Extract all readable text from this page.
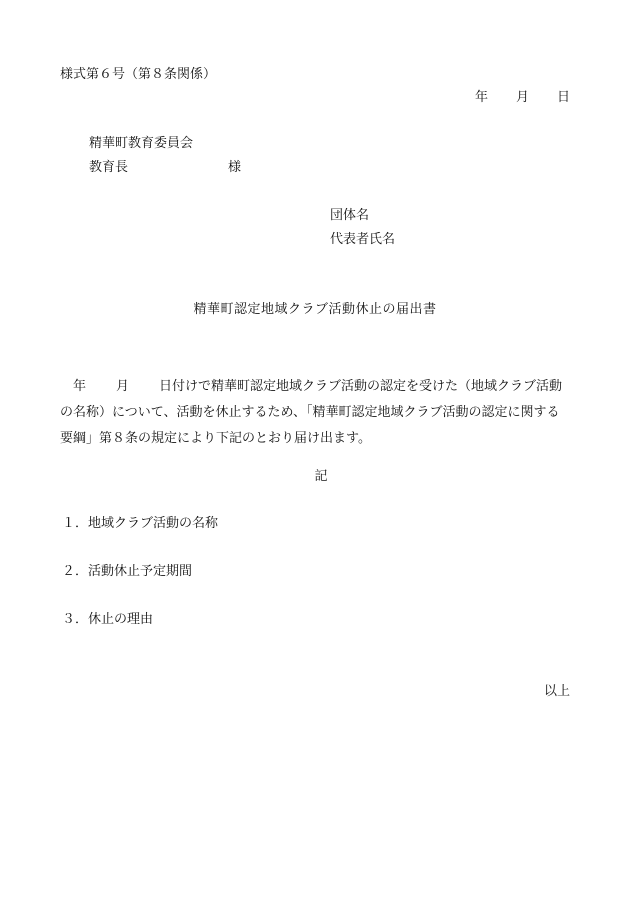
様式第６号（第８条関係）
年 月 日
精華町教育委員会
教育長	様
団体名
代表者氏名
精華町認定地域クラブ活動休止の届出書
年 月 日付けで精華町認定地域クラブ活動の認定を受けた（地域クラブ活動の名称）について、活動を休止するため、「精華町認定地域クラブ活動の認定に関する要綱」第８条の規定により下記のとおり届け出ます。
記
１．地域クラブ活動の名称
２．活動休止予定期間
３．休止の理由
以上
